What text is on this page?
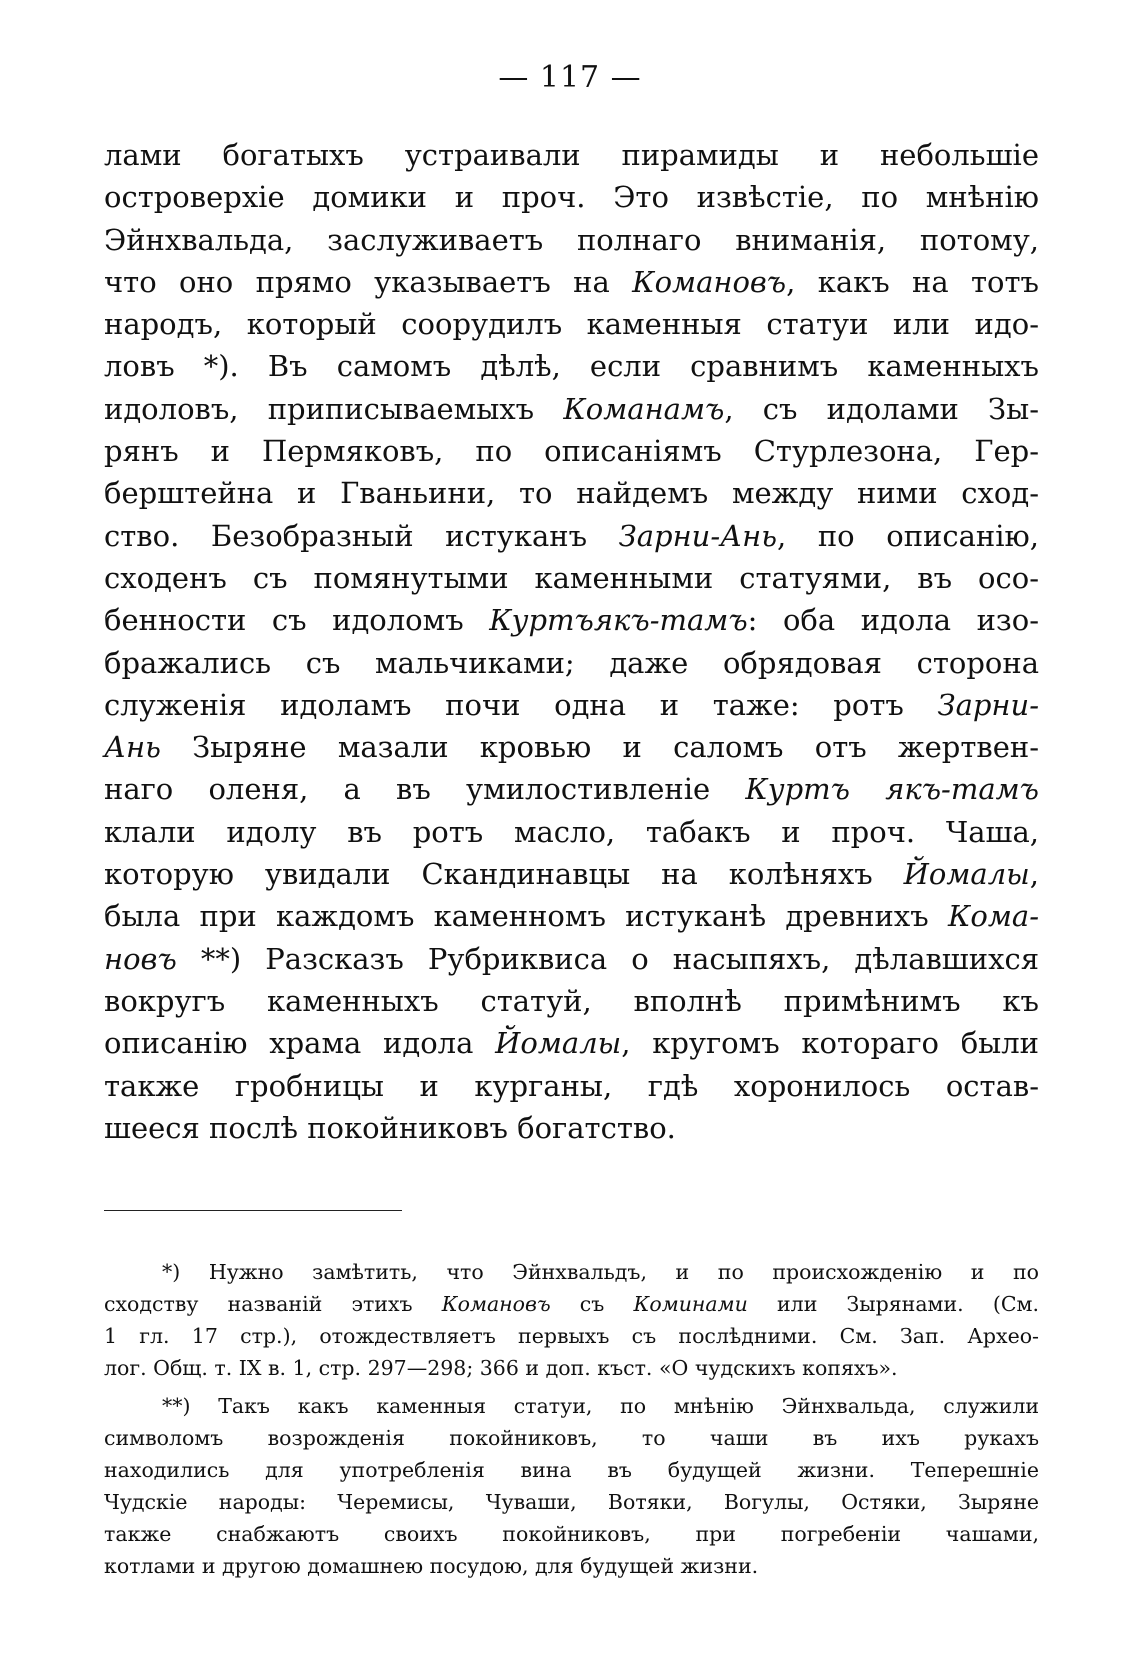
— 117 —
лами богатыхъ устраивали пирамиды и небольшіе
островерхіе домики и проч. Это извѣстіе, по мнѣнію
Эйнхвальда, заслуживаетъ полнаго вниманія, потому,
что оно прямо указываетъ на Комановъ, какъ на тотъ
народъ, который соорудилъ каменныя статуи или идо-
ловъ *). Въ самомъ дѣлѣ, если сравнимъ каменныхъ
идоловъ, приписываемыхъ Команамъ, съ идолами Зы-
рянъ и Пермяковъ, по описаніямъ Стурлезона, Гер-
берштейна и Гваньини, то найдемъ между ними сход-
ство. Безобразный истуканъ Зарни-Ань, по описанію,
сходенъ съ помянутыми каменными статуями, въ осо-
бенности съ идоломъ Куртъякъ-тамъ: оба идола изо-
бражались съ мальчиками; даже обрядовая сторона
служенія идоламъ почи одна и таже: ротъ Зарни-
Ань Зыряне мазали кровью и саломъ отъ жертвен-
наго оленя, а въ умилостивленіе Куртъ якъ-тамъ
клали идолу въ ротъ масло, табакъ и проч. Чаша,
которую увидали Скандинавцы на колѣняхъ Йомалы,
была при каждомъ каменномъ истуканѣ древнихъ Кома-
новъ **) Разсказъ Рубриквиса о насыпяхъ, дѣлавшихся
вокругъ каменныхъ статуй, вполнѣ примѣнимъ къ
описанію храма идола Йомалы, кругомъ котораго были
также гробницы и курганы, гдѣ хоронилось остав-
шееся послѣ покойниковъ богатство.
*) Нужно замѣтить, что Эйнхвальдъ, и по происхожденію и по
сходству названій этихъ Комановъ съ Коминами или Зырянами. (См.
1 гл. 17 стр.), отождествляетъ первыхъ съ послѣдними. См. Зап. Архео-
лог. Общ. т. IX в. 1, стр. 297—298; 366 и доп. къст. «О чудскихъ копяхъ».
**) Такъ какъ каменныя статуи, по мнѣнію Эйнхвальда, служили
символомъ возрожденія покойниковъ, то чаши въ ихъ рукахъ
находились для употребленія вина въ будущей жизни. Теперешніе
Чудскіе народы: Черемисы, Чуваши, Вотяки, Вогулы, Остяки, Зыряне
также снабжаютъ своихъ покойниковъ, при погребеніи чашами,
котлами и другою домашнею посудою, для будущей жизни.
